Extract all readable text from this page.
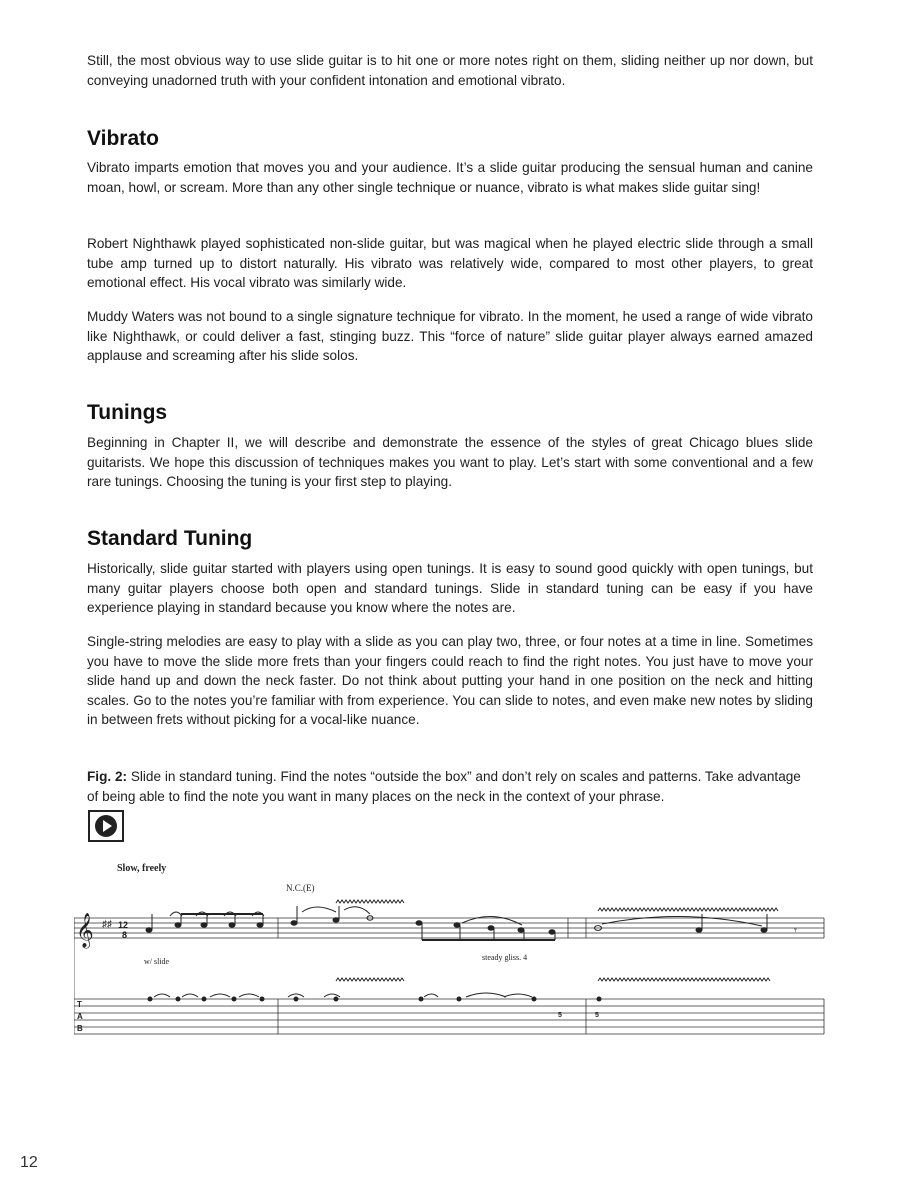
Still, the most obvious way to use slide guitar is to hit one or more notes right on them, sliding neither up nor down, but conveying unadorned truth with your confident intonation and emotional vibrato.

Vibrato

Vibrato imparts emotion that moves you and your audience. It’s a slide guitar producing the sensual human and canine moan, howl, or scream. More than any other single technique or nuance, vibrato is what makes slide guitar sing!

Robert Nighthawk played sophisticated non-slide guitar, but was magical when he played electric slide through a small tube amp turned up to distort naturally. His vibrato was relatively wide, compared to most other players, to great emotional effect. His vocal vibrato was similarly wide.

Muddy Waters was not bound to a single signature technique for vibrato. In the moment, he used a range of wide vibrato like Nighthawk, or could deliver a fast, stinging buzz. This “force of nature” slide guitar player always earned amazed applause and screaming after his slide solos.

Tunings

Beginning in Chapter II, we will describe and demonstrate the essence of the styles of great Chicago blues slide guitarists. We hope this discussion of techniques makes you want to play. Let’s start with some conventional and a few rare tunings. Choosing the tuning is your first step to playing.

Standard Tuning

Historically, slide guitar started with players using open tunings. It is easy to sound good quickly with open tunings, but many guitar players choose both open and standard tunings. Slide in standard tuning can be easy if you have experience playing in standard because you know where the notes are.

Single-string melodies are easy to play with a slide as you can play two, three, or four notes at a time in line. Sometimes you have to move the slide more frets than your fingers could reach to find the right notes. You just have to move your slide hand up and down the neck faster. Do not think about putting your hand in one position on the neck and hitting scales. Go to the notes you’re familiar with from experience. You can slide to notes, and even make new notes by sliding in between frets without picking for a vocal-like nuance.

Fig. 2: Slide in standard tuning. Find the notes “outside the box” and don’t rely on scales and patterns. Take advantage of being able to find the note you want in many places on the neck in the context of your phrase.

Slow, freely
N.C.(E)
𝄞 ♯♯ 12
8	𝄾
w/ slide	steady gliss. 4
T
A
B
5	5
12
